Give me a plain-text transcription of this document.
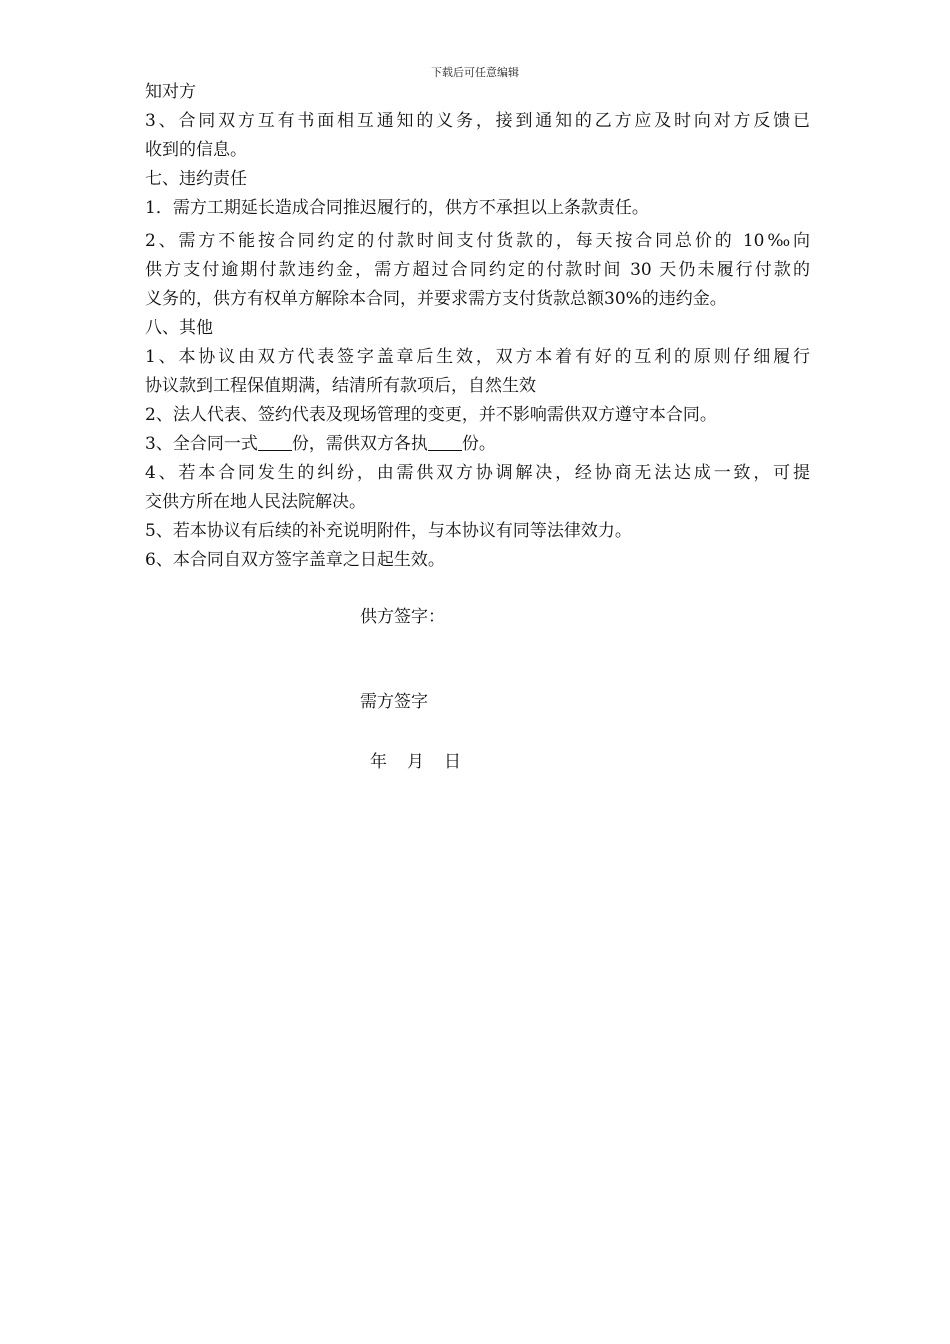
下载后可任意编辑
知对方
3、合同双方互有书面相互通知的义务，接到通知的乙方应及时向对方反馈已
收到的信息。
七、违约责任
1．需方工期延长造成合同推迟履行的，供方不承担以上条款责任。
2、需方不能按合同约定的付款时间支付货款的，每天按合同总价的 10‰向
供方支付逾期付款违约金，需方超过合同约定的付款时间 30 天仍未履行付款的
义务的，供方有权单方解除本合同，并要求需方支付货款总额30%的违约金。
八、其他
1、本协议由双方代表签字盖章后生效，双方本着有好的互利的原则仔细履行
协议款到工程保值期满，结清所有款项后，自然生效
2、法人代表、签约代表及现场管理的变更，并不影响需供双方遵守本合同。
3、全合同一式 份，需供双方各执 份。
4、若本合同发生的纠纷，由需供双方协调解决，经协商无法达成一致，可提
交供方所在地人民法院解决。
5、若本协议有后续的补充说明附件，与本协议有同等法律效力。
6、本合同自双方签字盖章之日起生效。
供方签字：
需方签字
年 月 日
